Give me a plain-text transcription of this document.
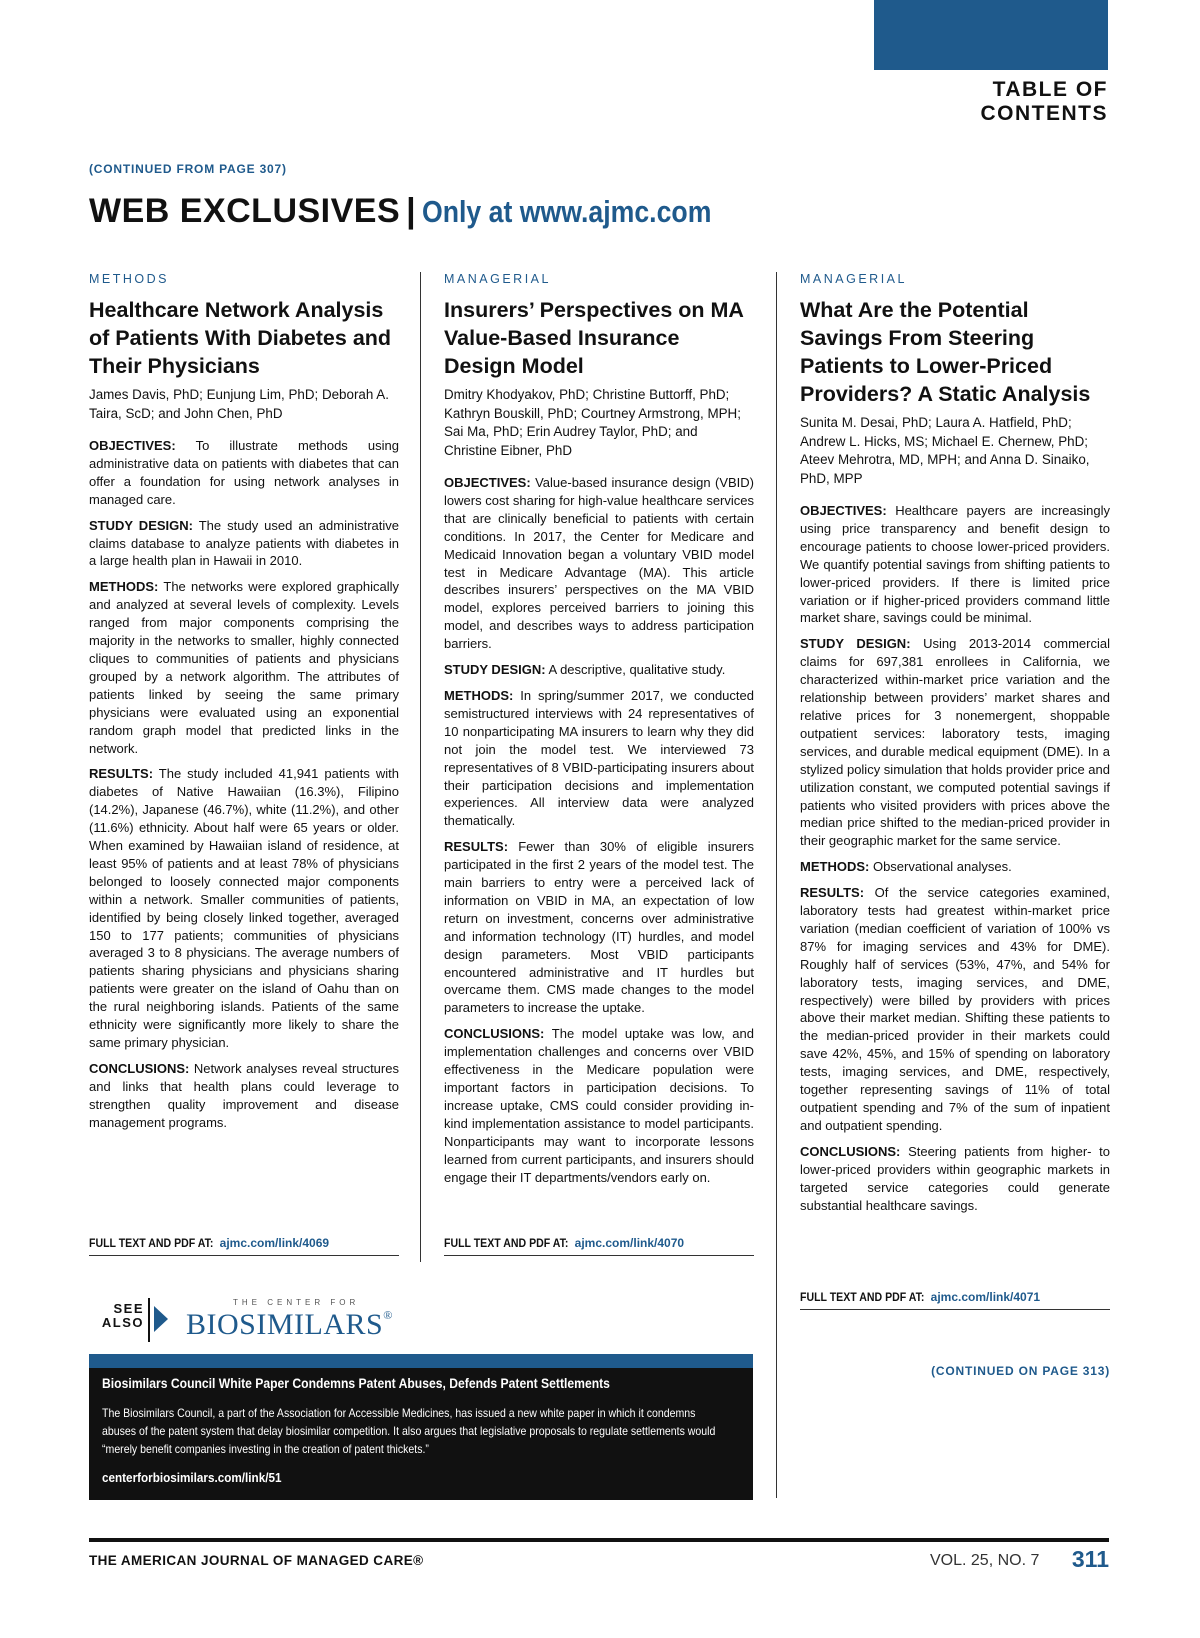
TABLE OF CONTENTS
(CONTINUED FROM PAGE 307)
WEB EXCLUSIVES | Only at www.ajmc.com
METHODS
Healthcare Network Analysis of Patients With Diabetes and Their Physicians
James Davis, PhD; Eunjung Lim, PhD; Deborah A. Taira, ScD; and John Chen, PhD

OBJECTIVES: To illustrate methods using administrative data on patients with diabetes that can offer a foundation for using network analyses in managed care.

STUDY DESIGN: The study used an administrative claims database to analyze patients with diabetes in a large health plan in Hawaii in 2010.

METHODS: The networks were explored graphically and analyzed at several levels of complexity. Levels ranged from major components comprising the majority in the networks to smaller, highly connected cliques to communities of patients and physicians grouped by a network algorithm. The attributes of patients linked by seeing the same primary physicians were evaluated using an exponential random graph model that predicted links in the network.

RESULTS: The study included 41,941 patients with diabetes of Native Hawaiian (16.3%), Filipino (14.2%), Japanese (46.7%), white (11.2%), and other (11.6%) ethnicity. About half were 65 years or older. When examined by Hawaiian island of residence, at least 95% of patients and at least 78% of physicians belonged to loosely connected major components within a network. Smaller communities of patients, identified by being closely linked together, averaged 150 to 177 patients; communities of physicians averaged 3 to 8 physicians. The average numbers of patients sharing physicians and physicians sharing patients were greater on the island of Oahu than on the rural neighboring islands. Patients of the same ethnicity were significantly more likely to share the same primary physician.

CONCLUSIONS: Network analyses reveal structures and links that health plans could leverage to strengthen quality improvement and disease management programs.

FULL TEXT AND PDF AT: ajmc.com/link/4069
MANAGERIAL
Insurers’ Perspectives on MA Value-Based Insurance Design Model
Dmitry Khodyakov, PhD; Christine Buttorff, PhD; Kathryn Bouskill, PhD; Courtney Armstrong, MPH; Sai Ma, PhD; Erin Audrey Taylor, PhD; and Christine Eibner, PhD

OBJECTIVES: Value-based insurance design (VBID) lowers cost sharing for high-value healthcare services that are clinically beneficial to patients with certain conditions. In 2017, the Center for Medicare and Medicaid Innovation began a voluntary VBID model test in Medicare Advantage (MA). This article describes insurers’ perspectives on the MA VBID model, explores perceived barriers to joining this model, and describes ways to address participation barriers.

STUDY DESIGN: A descriptive, qualitative study.

METHODS: In spring/summer 2017, we conducted semistructured interviews with 24 representatives of 10 nonparticipating MA insurers to learn why they did not join the model test. We interviewed 73 representatives of 8 VBID-participating insurers about their participation decisions and implementation experiences. All interview data were analyzed thematically.

RESULTS: Fewer than 30% of eligible insurers participated in the first 2 years of the model test. The main barriers to entry were a perceived lack of information on VBID in MA, an expectation of low return on investment, concerns over administrative and information technology (IT) hurdles, and model design parameters. Most VBID participants encountered administrative and IT hurdles but overcame them. CMS made changes to the model parameters to increase the uptake.

CONCLUSIONS: The model uptake was low, and implementation challenges and concerns over VBID effectiveness in the Medicare population were important factors in participation decisions. To increase uptake, CMS could consider providing in-kind implementation assistance to model participants. Nonparticipants may want to incorporate lessons learned from current participants, and insurers should engage their IT departments/vendors early on.

FULL TEXT AND PDF AT: ajmc.com/link/4070
MANAGERIAL
What Are the Potential Savings From Steering Patients to Lower-Priced Providers? A Static Analysis
Sunita M. Desai, PhD; Laura A. Hatfield, PhD; Andrew L. Hicks, MS; Michael E. Chernew, PhD; Ateev Mehrotra, MD, MPH; and Anna D. Sinaiko, PhD, MPP

OBJECTIVES: Healthcare payers are increasingly using price transparency and benefit design to encourage patients to choose lower-priced providers. We quantify potential savings from shifting patients to lower-priced providers. If there is limited price variation or if higher-priced providers command little market share, savings could be minimal.

STUDY DESIGN: Using 2013-2014 commercial claims for 697,381 enrollees in California, we characterized within-market price variation and the relationship between providers’ market shares and relative prices for 3 nonemergent, shoppable outpatient services: laboratory tests, imaging services, and durable medical equipment (DME). In a stylized policy simulation that holds provider price and utilization constant, we computed potential savings if patients who visited providers with prices above the median price shifted to the median-priced provider in their geographic market for the same service.

METHODS: Observational analyses.

RESULTS: Of the service categories examined, laboratory tests had greatest within-market price variation (median coefficient of variation of 100% vs 87% for imaging services and 43% for DME). Roughly half of services (53%, 47%, and 54% for laboratory tests, imaging services, and DME, respectively) were billed by providers with prices above their market median. Shifting these patients to the median-priced provider in their markets could save 42%, 45%, and 15% of spending on laboratory tests, imaging services, and DME, respectively, together representing savings of 11% of total outpatient spending and 7% of the sum of inpatient and outpatient spending.

CONCLUSIONS: Steering patients from higher- to lower-priced providers within geographic markets in targeted service categories could generate substantial healthcare savings.

FULL TEXT AND PDF AT: ajmc.com/link/4071
(CONTINUED ON PAGE 313)
SEE
ALSO
THE CENTER FOR
BIOSIMILARS®
Biosimilars Council White Paper Condemns Patent Abuses, Defends Patent Settlements
The Biosimilars Council, a part of the Association for Accessible Medicines, has issued a new white paper in which it condemns abuses of the patent system that delay biosimilar competition. It also argues that legislative proposals to regulate settlements would “merely benefit companies investing in the creation of patent thickets.”
centerforbiosimilars.com/link/51
THE AMERICAN JOURNAL OF MANAGED CARE®	VOL. 25, NO. 7	311
